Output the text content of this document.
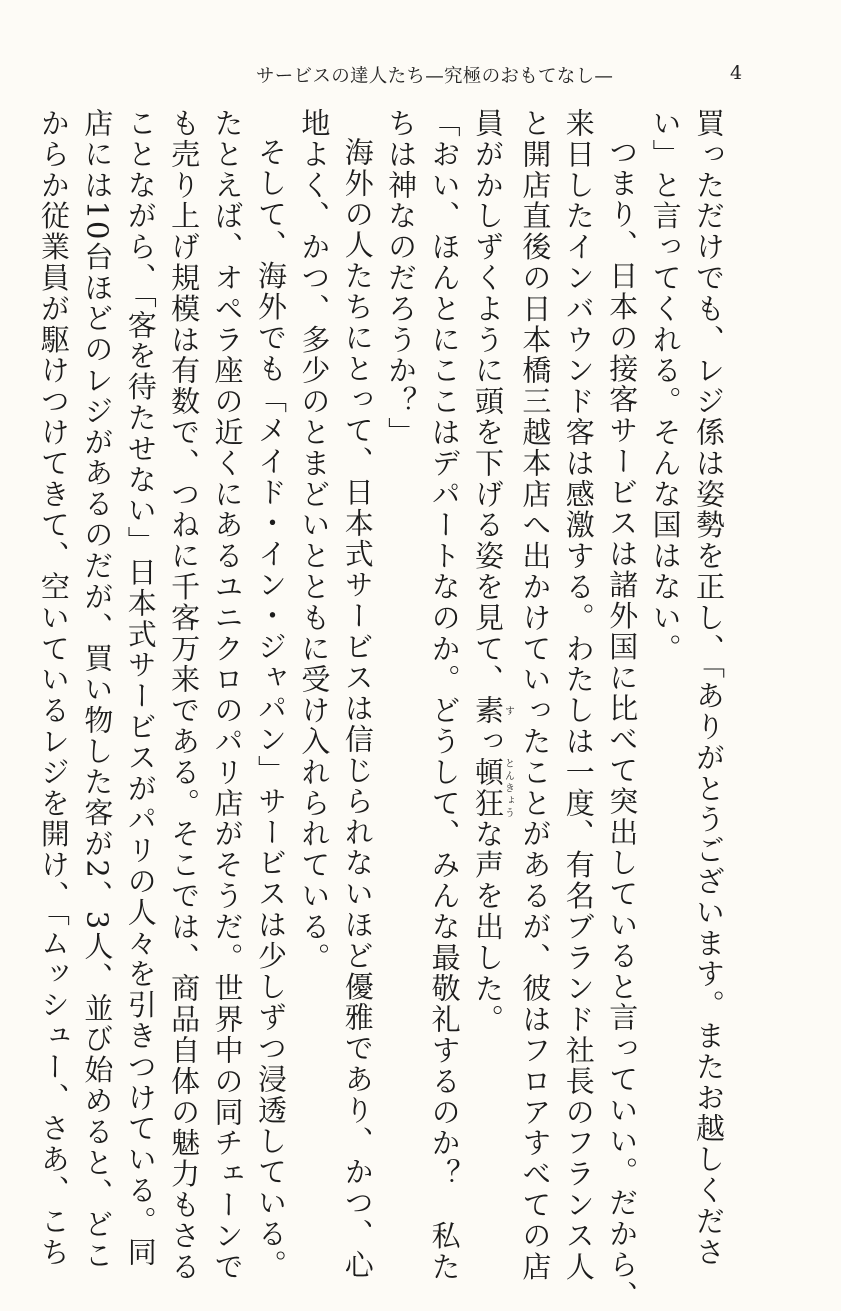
サービスの達人たち—究極のおもてなし—	4
買っただけでも、レジ係は姿勢を正し、「ありがとうございます。またお越しくださ
い」と言ってくれる。そんな国はない。
つまり、日本の接客サービスは諸外国に比べて突出していると言っていい。だから、
来日したインバウンド客は感激する。わたしは一度、有名ブランド社長のフランス人
と開店直後の日本橋三越本店へ出かけていったことがあるが、彼はフロアすべての店
員がかしずくように頭を下げる姿を見て、素すっ頓狂とんきょうな声を出した。
「おい、ほんとにここはデパートなのか。どうして、みんな最敬礼するのか？　私た
ちは神なのだろうか？」
海外の人たちにとって、日本式サービスは信じられないほど優雅であり、かつ、心
地よく、かつ、多少のとまどいとともに受け入れられている。
そして、海外でも「メイド・イン・ジャパン」サービスは少しずつ浸透している。
たとえば、オペラ座の近くにあるユニクロのパリ店がそうだ。世界中の同チェーンで
も売り上げ規模は有数で、つねに千客万来である。そこでは、商品自体の魅力もさる
ことながら、「客を待たせない」日本式サービスがパリの人々を引きつけている。同
店には10台ほどのレジがあるのだが、買い物した客が2、3人、並び始めると、どこ
からか従業員が駆けつけてきて、空いているレジを開け、「ムッシュー、さあ、こち
